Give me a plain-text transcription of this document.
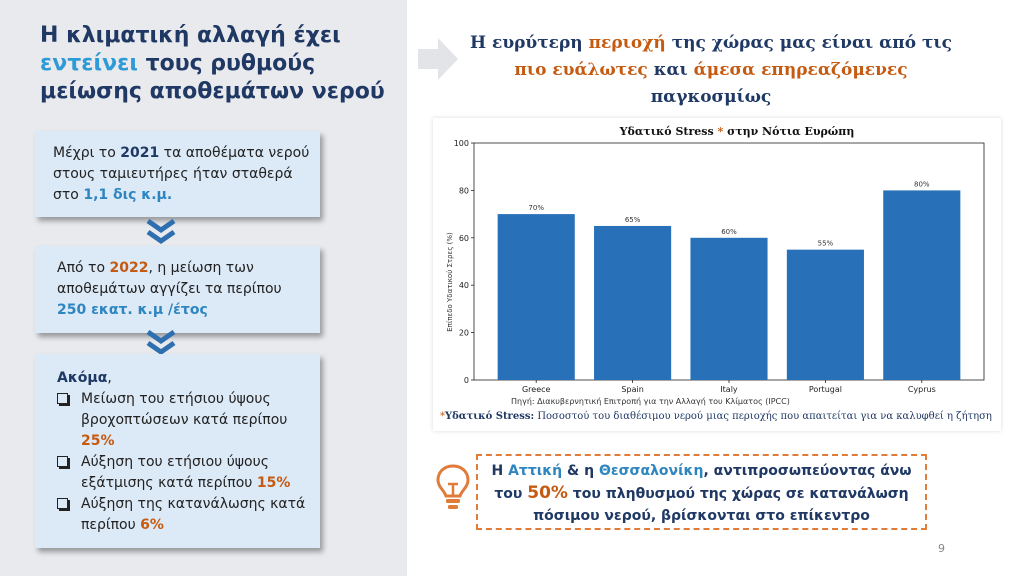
Η κλιματική αλλαγή έχει
εντείνει τους ρυθμούς
μείωσης αποθεμάτων νερού
Μέχρι το 2021 τα αποθέματα νερού στους ταμιευτήρες ήταν σταθερά στο 1,1 δις κ.μ.
Από το 2022, η μείωση των αποθεμάτων αγγίζει τα περίπου 250 εκατ. κ.μ /έτος
Ακόμα,
Μείωση του ετήσιου ύψους βροχοπτώσεων κατά περίπου 25%
Αύξηση του ετήσιου ύψους εξάτμισης κατά περίπου 15%
Αύξηση της κατανάλωσης κατά περίπου 6%
Η ευρύτερη περιοχή της χώρας μας είναι από τις πιο ευάλωτες και άμεσα επηρεαζόμενες παγκοσμίως
Υδατικό Stress * στην Νότια Ευρώπη
Επίπεδο Υδατικού Στρες (%)
0
20
40
60
80
100
Greece	Spain	Italy	Portugal	Cyprus
70%
65%
60%
55%
80%
Πηγή: Διακυβερνητική Επιτροπή για την Αλλαγή του Κλίματος (IPCC)
*Υδατικό Stress: Ποσοστού του διαθέσιμου νερού μιας περιοχής που απαιτείται για να καλυφθεί η ζήτηση
Η Αττική & η Θεσσαλονίκη, αντιπροσωπεύοντας άνω του 50% του πληθυσμού της χώρας σε κατανάλωση πόσιμου νερού, βρίσκονται στο επίκεντρο
9
